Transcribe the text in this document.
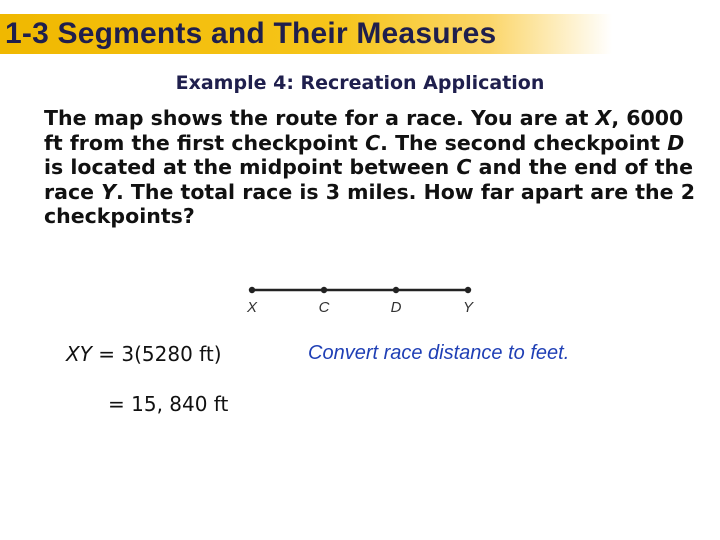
1-3 Segments and Their Measures
Example 4: Recreation Application
The map shows the route for a race. You are at X, 6000 ft from the first checkpoint C. The second checkpoint D is located at the midpoint between C and the end of the race Y. The total race is 3 miles. How far apart are the 2 checkpoints?
X	C	D	Y
XY = 3(5280 ft)
= 15, 840 ft
Convert race distance to feet.
